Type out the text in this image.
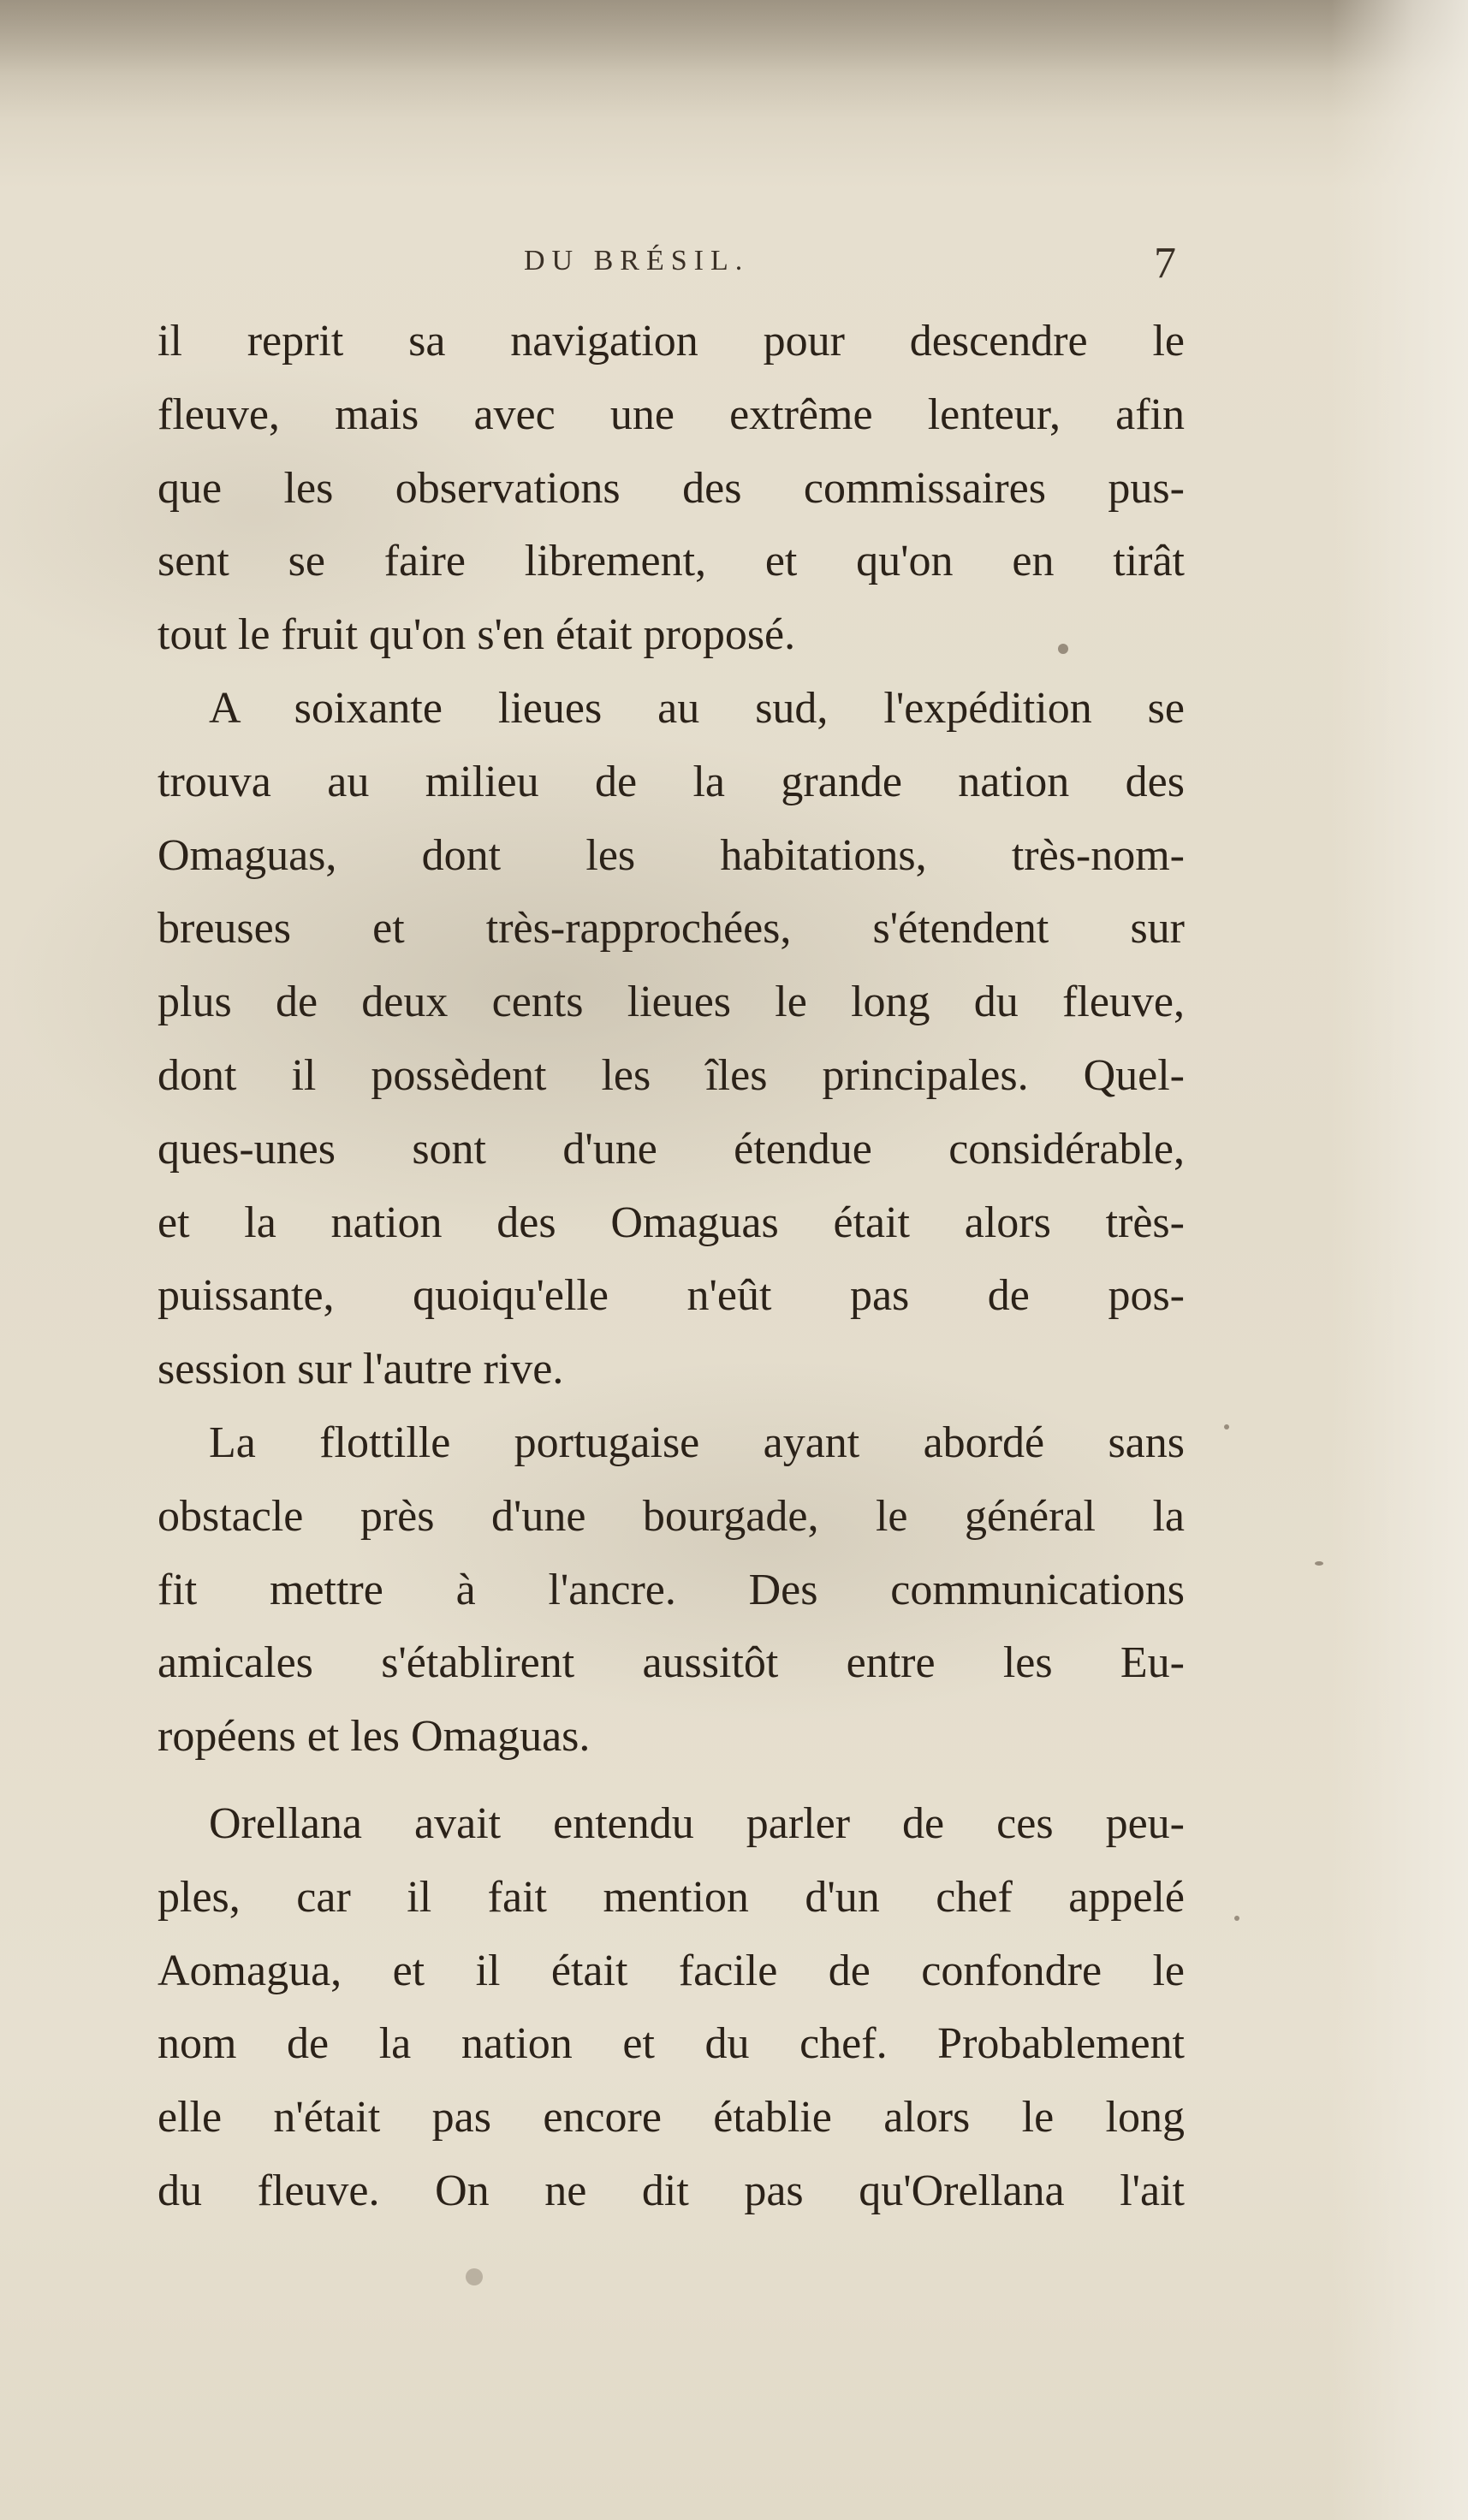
DU BRÉSIL.	7
il reprit sa navigation pour descendre le
fleuve, mais avec une extrême lenteur, afin
que les observations des commissaires pus-
sent se faire librement, et qu'on en tirât
tout le fruit qu'on s'en était proposé.
A soixante lieues au sud, l'expédition se
trouva au milieu de la grande nation des
Omaguas, dont les habitations, très-nom-
breuses et très-rapprochées, s'étendent sur
plus de deux cents lieues le long du fleuve,
dont il possèdent les îles principales. Quel-
ques-unes sont d'une étendue considérable,
et la nation des Omaguas était alors très-
puissante, quoiqu'elle n'eût pas de pos-
session sur l'autre rive.
La flottille portugaise ayant abordé sans
obstacle près d'une bourgade, le général la
fit mettre à l'ancre. Des communications
amicales s'établirent aussitôt entre les Eu-
ropéens et les Omaguas.
Orellana avait entendu parler de ces peu-
ples, car il fait mention d'un chef appelé
Aomagua, et il était facile de confondre le
nom de la nation et du chef. Probablement
elle n'était pas encore établie alors le long
du fleuve. On ne dit pas qu'Orellana l'ait
